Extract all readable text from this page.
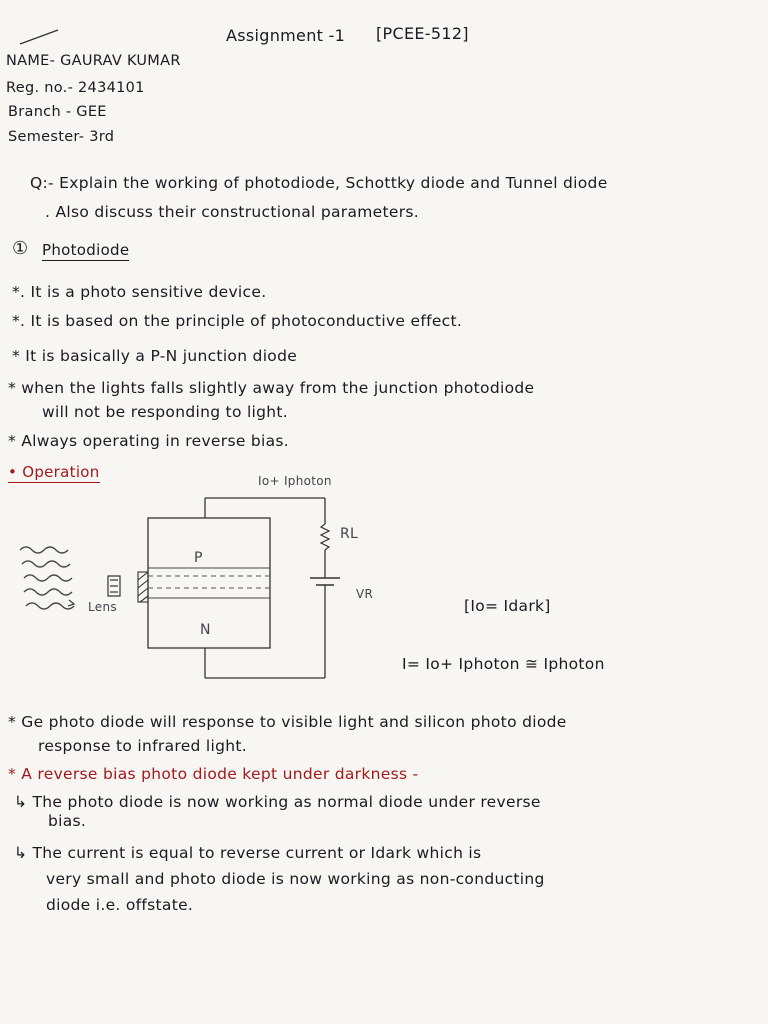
Assignment -1 [PCEE-512]
NAME- GAURAV KUMAR
Reg. no.- 2434101
Branch - GEE
Semester- 3rd
Q:- Explain the working of photodiode, Schottky diode and Tunnel diode
. Also discuss their constructional parameters.
① Photodiode
*. It is a photo sensitive device.
*. It is based on the principle of photoconductive effect.
* It is basically a P-N junction diode
* when the lights falls slightly away from the junction photodiode
will not be responding to light.
* Always operating in reverse bias.
• Operation	Io+ Iphoton
RL
VR
P
N
Lens	[Io= Idark]
I= Io+ Iphoton ≅ Iphoton
* Ge photo diode will response to visible light and silicon photo diode
response to infrared light.
* A reverse bias photo diode kept under darkness -
↳ The photo diode is now working as normal diode under reverse
bias.
↳ The current is equal to reverse current or Idark which is
very small and photo diode is now working as non-conducting
diode i.e. offstate.
